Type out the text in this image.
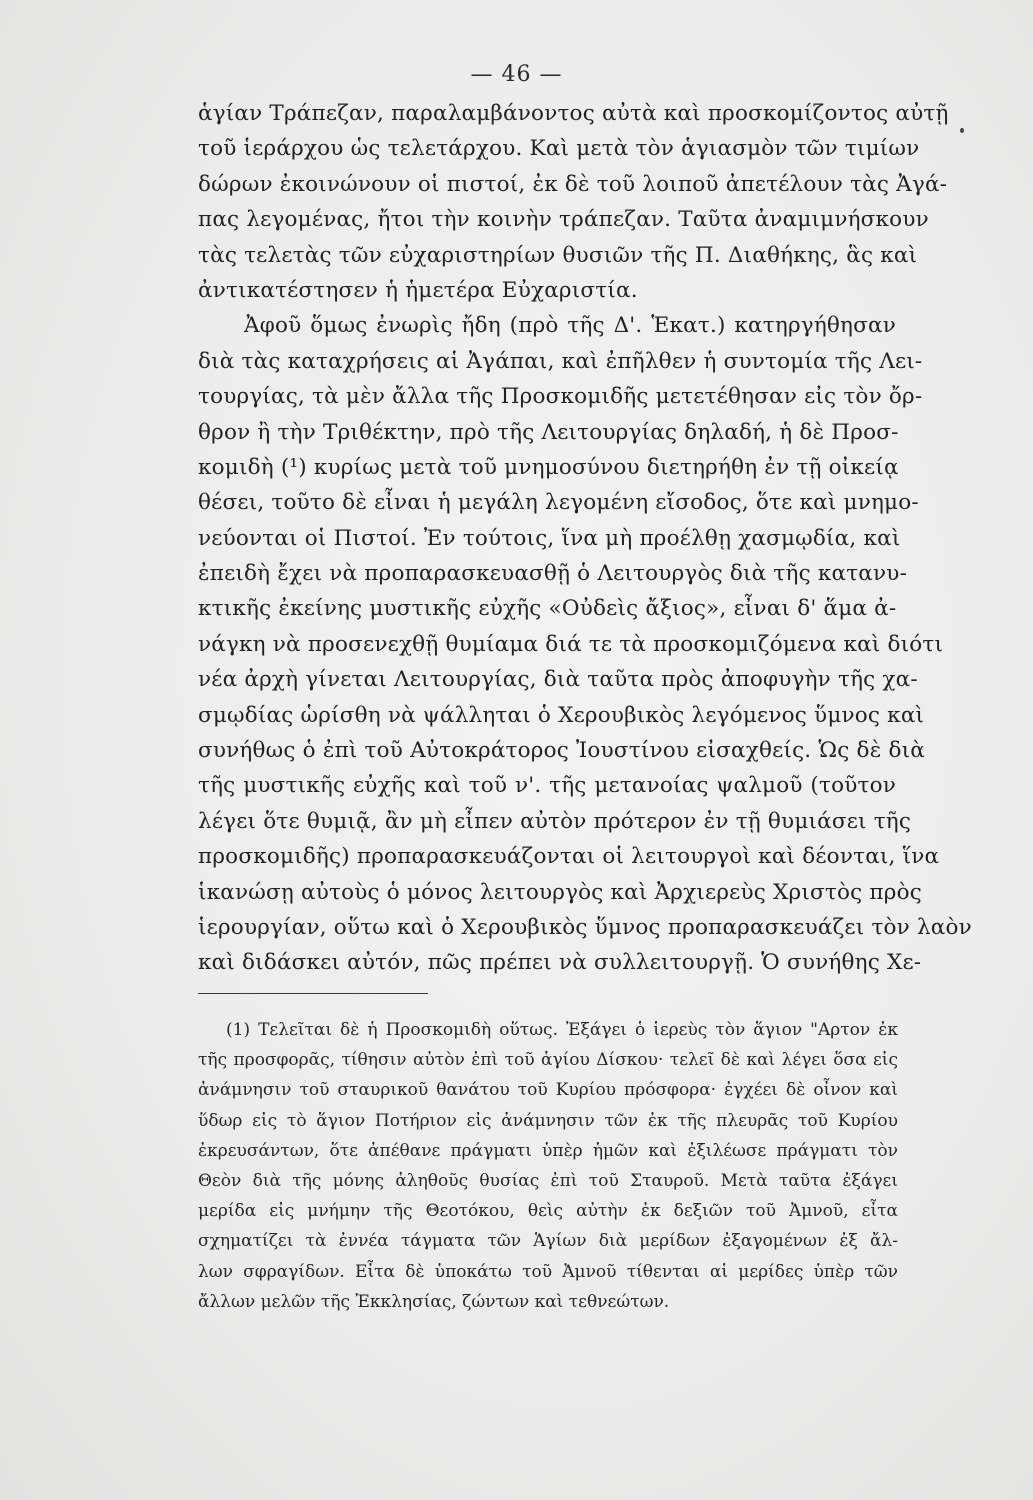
— 46 —
ἁγίαν Τράπεζαν, παραλαμβάνοντος αὐτὰ καὶ προσκομίζοντος αὐτῇ
τοῦ ἱεράρχου ὡς τελετάρχου. Καὶ μετὰ τὸν ἁγιασμὸν τῶν τιμίων
δώρων ἐκοινώνουν οἱ πιστοί, ἐκ δὲ τοῦ λοιποῦ ἀπετέλουν τὰς Ἀγά-
πας λεγομένας, ἤτοι τὴν κοινὴν τράπεζαν. Ταῦτα ἀναμιμνήσκουν
τὰς τελετὰς τῶν εὐχαριστηρίων θυσιῶν τῆς Π. Διαθήκης, ἃς καὶ
ἀντικατέστησεν ἡ ἡμετέρα Εὐχαριστία.
Ἀφοῦ ὅμως ἐνωρὶς ἤδη (πρὸ τῆς Δ'. Ἑκατ.) κατηργήθησαν
διὰ τὰς καταχρήσεις αἱ Ἀγάπαι, καὶ ἐπῆλθεν ἡ συντομία τῆς Λει-
τουργίας, τὰ μὲν ἄλλα τῆς Προσκομιδῆς μετετέθησαν εἰς τὸν ὄρ-
θρον ἢ τὴν Τριθέκτην, πρὸ τῆς Λειτουργίας δηλαδή, ἡ δὲ Προσ-
κομιδὴ (¹) κυρίως μετὰ τοῦ μνημοσύνου διετηρήθη ἐν τῇ οἰκείᾳ
θέσει, τοῦτο δὲ εἶναι ἡ μεγάλη λεγομένη εἴσοδος, ὅτε καὶ μνημο-
νεύονται οἱ Πιστοί. Ἐν τούτοις, ἵνα μὴ προέλθῃ χασμῳδία, καὶ
ἐπειδὴ ἔχει νὰ προπαρασκευασθῇ ὁ Λειτουργὸς διὰ τῆς κατανυ-
κτικῆς ἐκείνης μυστικῆς εὐχῆς «Οὐδεὶς ἄξιος», εἶναι δ' ἅμα ἀ-
νάγκη νὰ προσενεχθῇ θυμίαμα διά τε τὰ προσκομιζόμενα καὶ διότι
νέα ἀρχὴ γίνεται Λειτουργίας, διὰ ταῦτα πρὸς ἀποφυγὴν τῆς χα-
σμῳδίας ὡρίσθη νὰ ψάλληται ὁ Χερουβικὸς λεγόμενος ὕμνος καὶ
συνήθως ὁ ἐπὶ τοῦ Αὐτοκράτορος Ἰουστίνου εἰσαχθείς. Ὡς δὲ διὰ
τῆς μυστικῆς εὐχῆς καὶ τοῦ ν'. τῆς μετανοίας ψαλμοῦ (τοῦτον
λέγει ὅτε θυμιᾷ, ἂν μὴ εἶπεν αὐτὸν πρότερον ἐν τῇ θυμιάσει τῆς
προσκομιδῆς) προπαρασκευάζονται οἱ λειτουργοὶ καὶ δέονται, ἵνα
ἱκανώσῃ αὐτοὺς ὁ μόνος λειτουργὸς καὶ Ἀρχιερεὺς Χριστὸς πρὸς
ἱερουργίαν, οὕτω καὶ ὁ Χερουβικὸς ὕμνος προπαρασκευάζει τὸν λαὸν
καὶ διδάσκει αὐτόν, πῶς πρέπει νὰ συλλειτουργῇ. Ὁ συνήθης Χε-
(1) Τελεῖται δὲ ἡ Προσκομιδὴ οὕτως. Ἐξάγει ὁ ἱερεὺς τὸν ἅγιον "Αρτον ἐκ
τῆς προσφορᾶς, τίθησιν αὐτὸν ἐπὶ τοῦ ἁγίου Δίσκου· τελεῖ δὲ καὶ λέγει ὅσα εἰς
ἀνάμνησιν τοῦ σταυρικοῦ θανάτου τοῦ Κυρίου πρόσφορα· ἐγχέει δὲ οἶνον καὶ
ὕδωρ εἰς τὸ ἅγιον Ποτήριον εἰς ἀνάμνησιν τῶν ἐκ τῆς πλευρᾶς τοῦ Κυρίου
ἐκρευσάντων, ὅτε ἀπέθανε πράγματι ὑπὲρ ἡμῶν καὶ ἐξιλέωσε πράγματι τὸν
Θεὸν διὰ τῆς μόνης ἀληθοῦς θυσίας ἐπὶ τοῦ Σταυροῦ. Μετὰ ταῦτα ἐξάγει
μερίδα εἰς μνήμην τῆς Θεοτόκου, θεὶς αὐτὴν ἐκ δεξιῶν τοῦ Ἀμνοῦ, εἶτα
σχηματίζει τὰ ἐννέα τάγματα τῶν Ἁγίων διὰ μερίδων ἐξαγομένων ἐξ ἄλ-
λων σφραγίδων. Εἶτα δὲ ὑποκάτω τοῦ Ἀμνοῦ τίθενται αἱ μερίδες ὑπὲρ τῶν
ἄλλων μελῶν τῆς Ἐκκλησίας, ζώντων καὶ τεθνεώτων.
